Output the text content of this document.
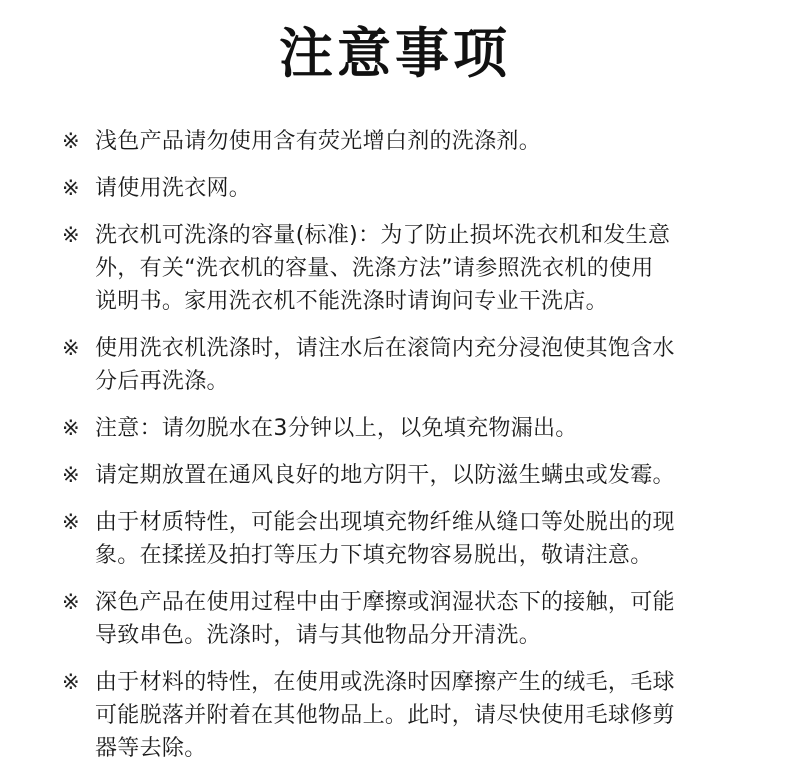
注意事项
※ 浅色产品请勿使用含有荧光增白剂的洗涤剂。
※ 请使用洗衣网。
※ 洗衣机可洗涤的容量(标准)：为了防止损坏洗衣机和发生意
外，有关“洗衣机的容量、洗涤方法”请参照洗衣机的使用
说明书。家用洗衣机不能洗涤时请询问专业干洗店。
※ 使用洗衣机洗涤时，请注水后在滚筒内充分浸泡使其饱含水
分后再洗涤。
※ 注意：请勿脱水在3分钟以上，以免填充物漏出。
※ 请定期放置在通风良好的地方阴干，以防滋生螨虫或发霉。
※ 由于材质特性，可能会出现填充物纤维从缝口等处脱出的现
象。在揉搓及拍打等压力下填充物容易脱出，敬请注意。
※ 深色产品在使用过程中由于摩擦或润湿状态下的接触，可能
导致串色。洗涤时，请与其他物品分开清洗。
※ 由于材料的特性，在使用或洗涤时因摩擦产生的绒毛，毛球
可能脱落并附着在其他物品上。此时，请尽快使用毛球修剪
器等去除。
